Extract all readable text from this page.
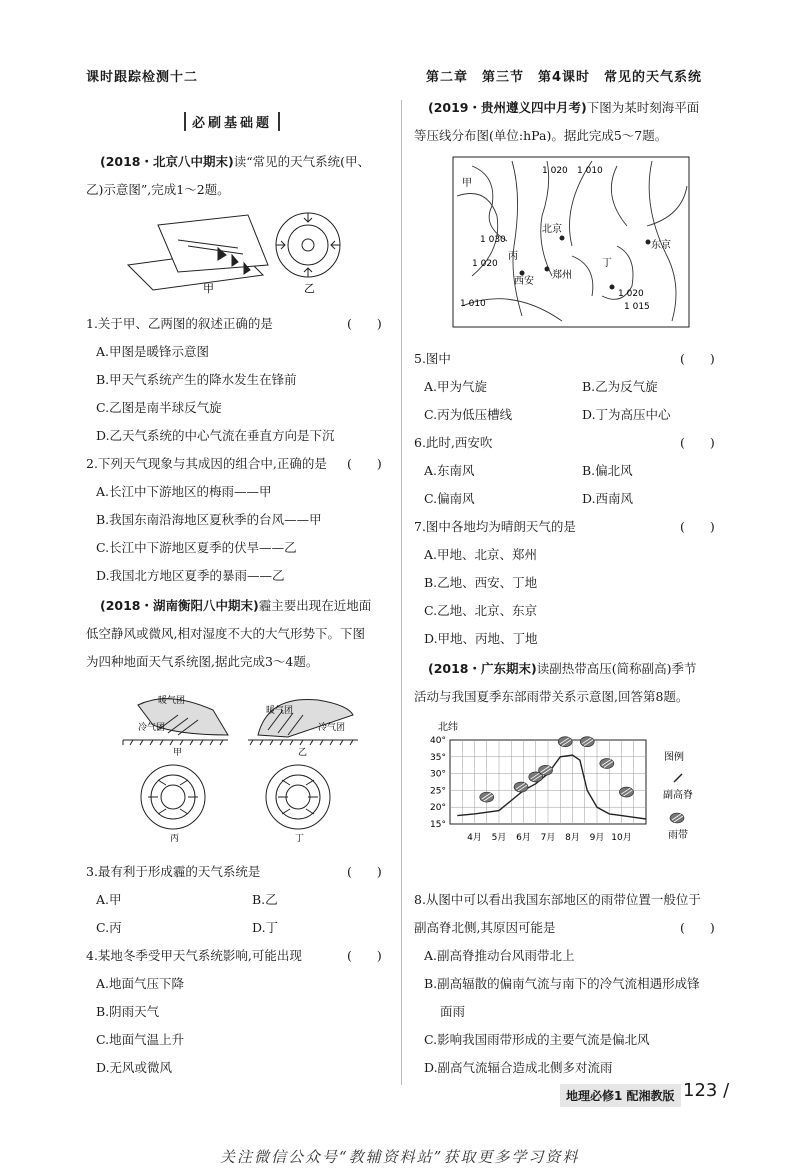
课时跟踪检测十二	第二章　第三节　第4课时　常见的天气系统
必刷基础题
(2018・北京八中期末)读“常见的天气系统(甲、
乙)示意图”,完成1～2题。
甲	乙
1.关于甲、乙两图的叙述正确的是	(　　)
A.甲图是暖锋示意图
B.甲天气系统产生的降水发生在锋前
C.乙图是南半球反气旋
D.乙天气系统的中心气流在垂直方向是下沉
2.下列天气现象与其成因的组合中,正确的是 (　　)
A.长江中下游地区的梅雨——甲
B.我国东南沿海地区夏秋季的台风——甲
C.长江中下游地区夏季的伏旱——乙
D.我国北方地区夏季的暴雨——乙
(2018・湖南衡阳八中期末)霾主要出现在近地面
低空静风或微风,相对湿度不大的大气形势下。下图
为四种地面天气系统图,据此完成3～4题。
暖气团
冷气团
暖气团
冷气团
甲	乙
丙	丁
3.最有利于形成霾的天气系统是	(　　)
A.甲	B.乙
C.丙	D.丁
4.某地冬季受甲天气系统影响,可能出现	(　　)
A.地面气压下降
B.阴雨天气
C.地面气温上升
D.无风或微风
(2019・贵州遵义四中月考)下图为某时刻海平面
等压线分布图(单位:hPa)。据此完成5～7题。
甲
丙
北京
郑州
西安
东京
丁
1 020 1 010
1 030
1 020
1 010
1 020
1 015
5.图中	(　　)
A.甲为气旋	B.乙为反气旋
C.丙为低压槽线	D.丁为高压中心
6.此时,西安吹	(　　)
A.东南风	B.偏北风
C.偏南风	D.西南风
7.图中各地均为晴朗天气的是	(　　)
A.甲地、北京、郑州
B.乙地、西安、丁地
C.乙地、北京、东京
D.甲地、丙地、丁地
(2018・广东期末)读副热带高压(简称副高)季节
活动与我国夏季东部雨带关系示意图,回答第8题。
北纬
15°
20°
25°
30°
35°
40°
4月 5月 6月 7月 8月 9月 10月
图例
副高脊
雨带
8.从图中可以看出我国东部地区的雨带位置一般位于
副高脊北侧,其原因可能是	(　　)
A.副高脊推动台风雨带北上
B.副高辐散的偏南气流与南下的冷气流相遇形成锋
面雨
C.影响我国雨带形成的主要气流是偏北风
D.副高气流辐合造成北侧多对流雨
地理必修1 配湘教版 123 /
关注微信公众号“教辅资料站”获取更多学习资料
